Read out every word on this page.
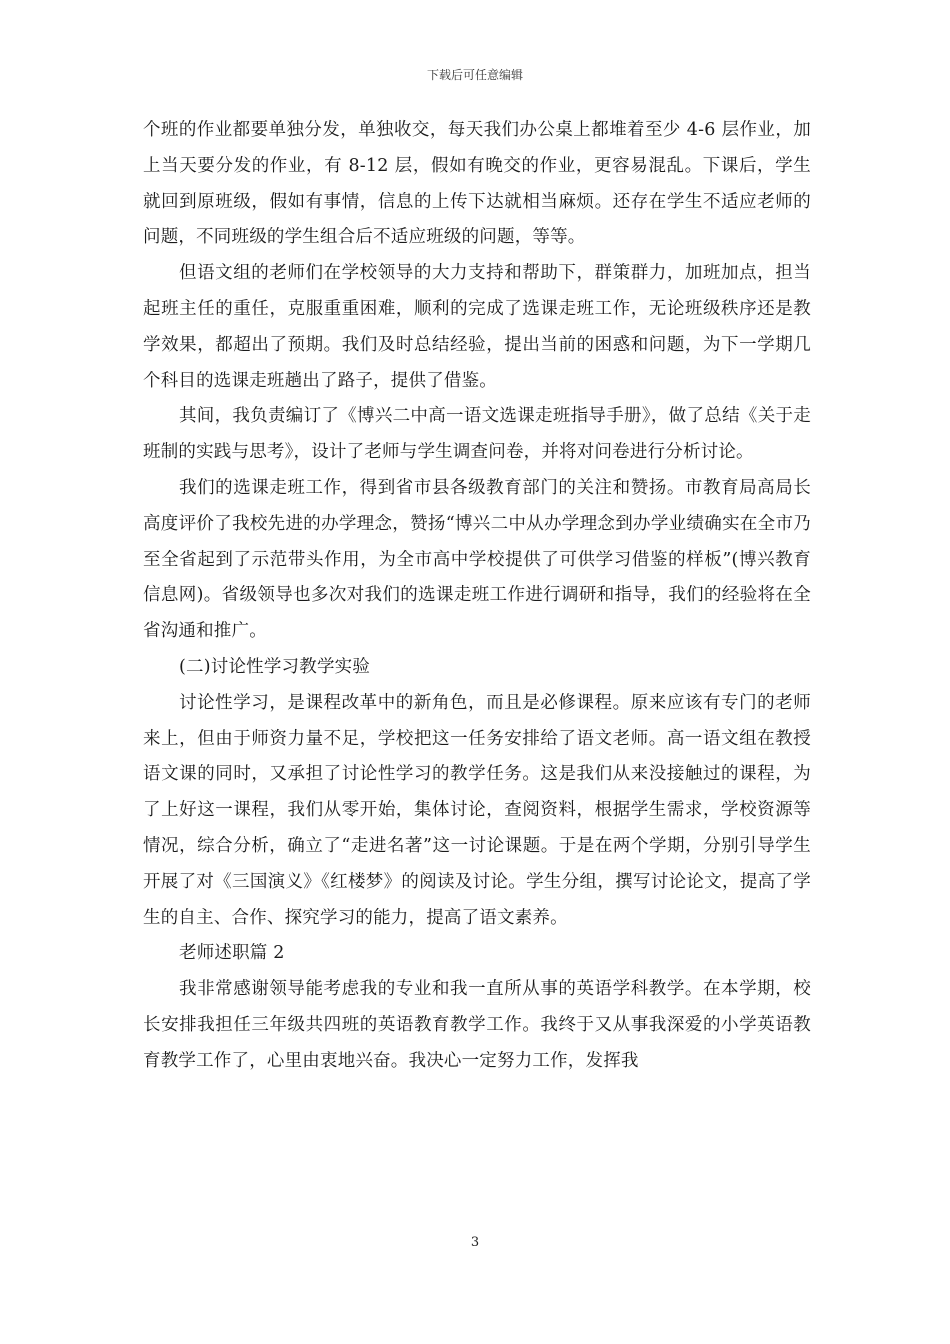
下载后可任意编辑

个班的作业都要单独分发，单独收交，每天我们办公桌上都堆着至少 4-6 层作业，加上当天要分发的作业，有 8-12 层，假如有晚交的作业，更容易混乱。下课后，学生就回到原班级，假如有事情，信息的上传下达就相当麻烦。还存在学生不适应老师的问题，不同班级的学生组合后不适应班级的问题，等等。

但语文组的老师们在学校领导的大力支持和帮助下，群策群力，加班加点，担当起班主任的重任，克服重重困难，顺利的完成了选课走班工作，无论班级秩序还是教学效果，都超出了预期。我们及时总结经验，提出当前的困惑和问题，为下一学期几个科目的选课走班趟出了路子，提供了借鉴。

其间，我负责编订了《博兴二中高一语文选课走班指导手册》，做了总结《关于走班制的实践与思考》，设计了老师与学生调查问卷，并将对问卷进行分析讨论。

我们的选课走班工作，得到省市县各级教育部门的关注和赞扬。市教育局高局长高度评价了我校先进的办学理念，赞扬“博兴二中从办学理念到办学业绩确实在全市乃至全省起到了示范带头作用，为全市高中学校提供了可供学习借鉴的样板”(博兴教育信息网)。省级领导也多次对我们的选课走班工作进行调研和指导，我们的经验将在全省沟通和推广。

(二)讨论性学习教学实验

讨论性学习，是课程改革中的新角色，而且是必修课程。原来应该有专门的老师来上，但由于师资力量不足，学校把这一任务安排给了语文老师。高一语文组在教授语文课的同时，又承担了讨论性学习的教学任务。这是我们从来没接触过的课程，为了上好这一课程，我们从零开始，集体讨论，查阅资料，根据学生需求，学校资源等情况，综合分析，确立了“走进名著”这一讨论课题。于是在两个学期，分别引导学生开展了对《三国演义》《红楼梦》的阅读及讨论。学生分组，撰写讨论论文，提高了学生的自主、合作、探究学习的能力，提高了语文素养。

老师述职篇 2

我非常感谢领导能考虑我的专业和我一直所从事的英语学科教学。在本学期，校长安排我担任三年级共四班的英语教育教学工作。我终于又从事我深爱的小学英语教育教学工作了，心里由衷地兴奋。我决心一定努力工作，发挥我

3
